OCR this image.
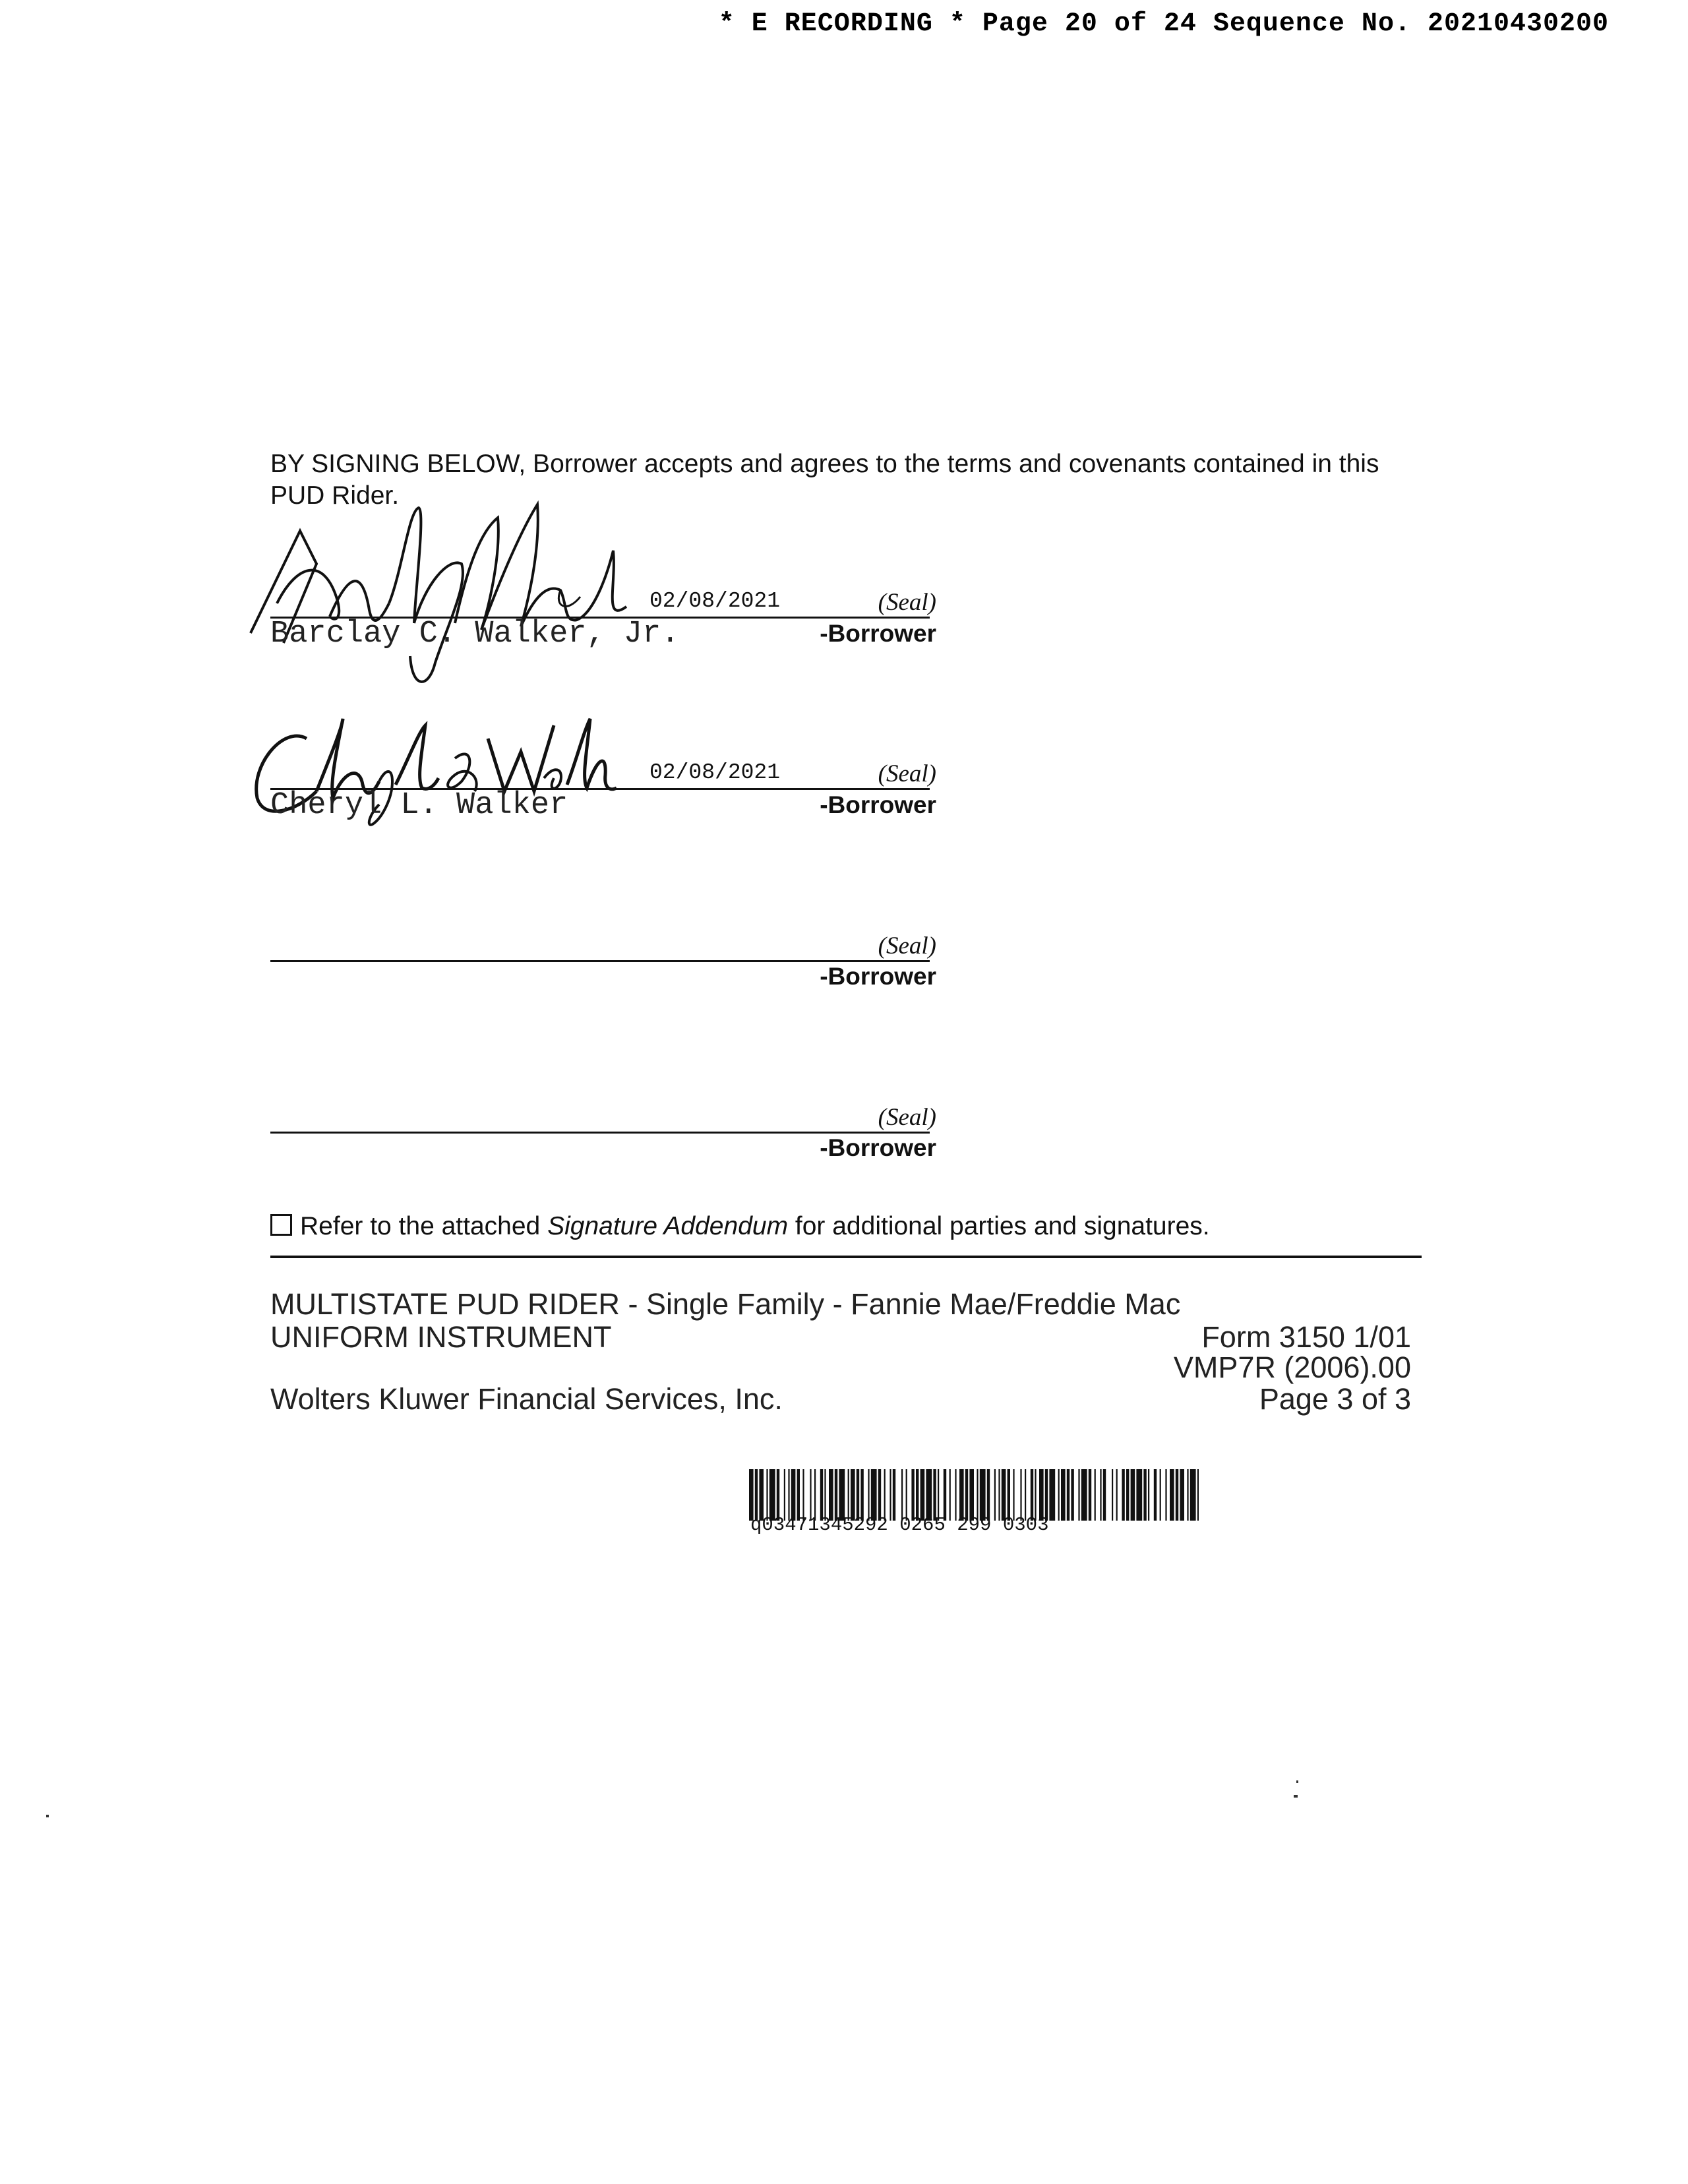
* E RECORDING * Page 20 of 24 Sequence No. 20210430200
BY SIGNING BELOW, Borrower accepts and agrees to the terms and covenants contained in this PUD Rider.
02/08/2021	(Seal)
Barclay C. Walker, Jr.	-Borrower
02/08/2021	(Seal)
Cheryl L. Walker	-Borrower
(Seal)
-Borrower
(Seal)
-Borrower
Refer to the attached Signature Addendum for additional parties and signatures.
MULTISTATE PUD RIDER - Single Family - Fannie Mae/Freddie Mac
UNIFORM INSTRUMENT	Form 3150 1/01
VMP7R (2006).00
Wolters Kluwer Financial Services, Inc.	Page 3 of 3
q03471345292 0265 299 0303
